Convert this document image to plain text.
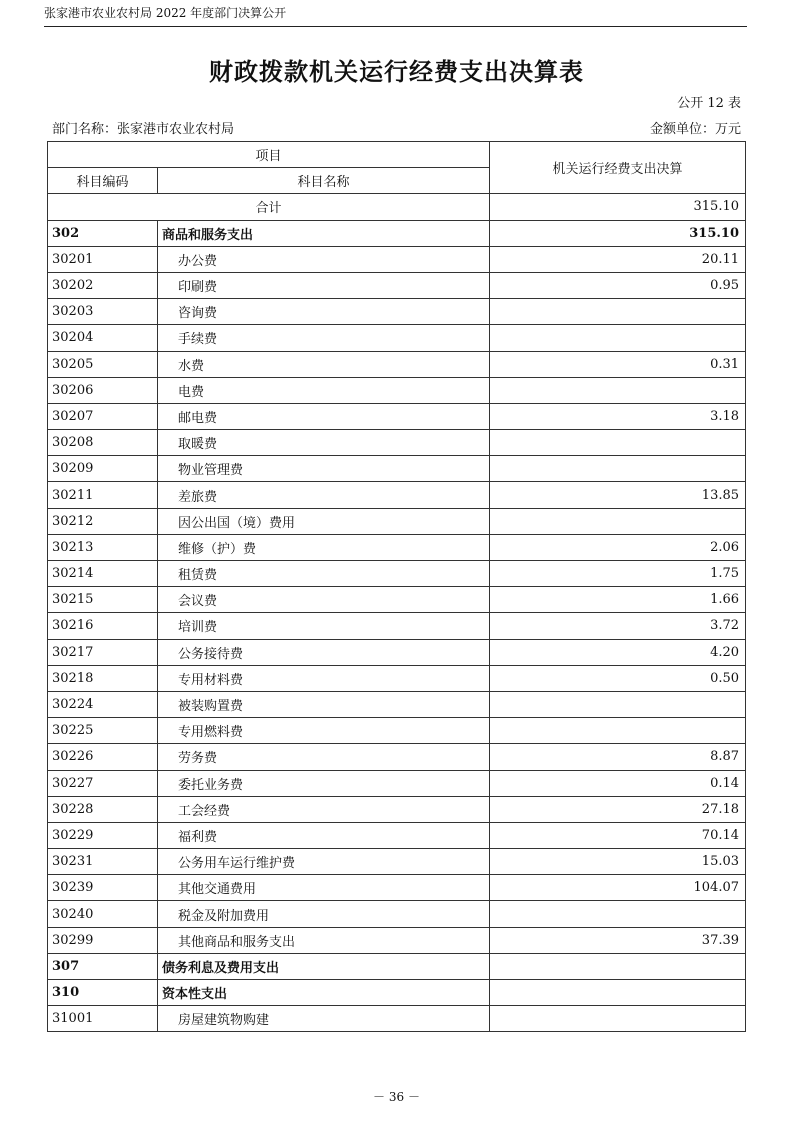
张家港市农业农村局 2022 年度部门决算公开
财政拨款机关运行经费支出决算表
公开 12 表
部门名称：张家港市农业农村局	金额单位：万元
项目		机关运行经费支出决算
科目编码	科目名称	
合计		315.10
302	商品和服务支出	315.10
30201	办公费	20.11
30202	印刷费	0.95
30203	咨询费	
30204	手续费	
30205	水费	0.31
30206	电费	
30207	邮电费	3.18
30208	取暖费	
30209	物业管理费	
30211	差旅费	13.85
30212	因公出国（境）费用	
30213	维修（护）费	2.06
30214	租赁费	1.75
30215	会议费	1.66
30216	培训费	3.72
30217	公务接待费	4.20
30218	专用材料费	0.50
30224	被装购置费	
30225	专用燃料费	
30226	劳务费	8.87
30227	委托业务费	0.14
30228	工会经费	27.18
30229	福利费	70.14
30231	公务用车运行维护费	15.03
30239	其他交通费用	104.07
30240	税金及附加费用	
30299	其他商品和服务支出	37.39
307	债务利息及费用支出	
310	资本性支出	
31001	房屋建筑物购建	
－ 36 －
